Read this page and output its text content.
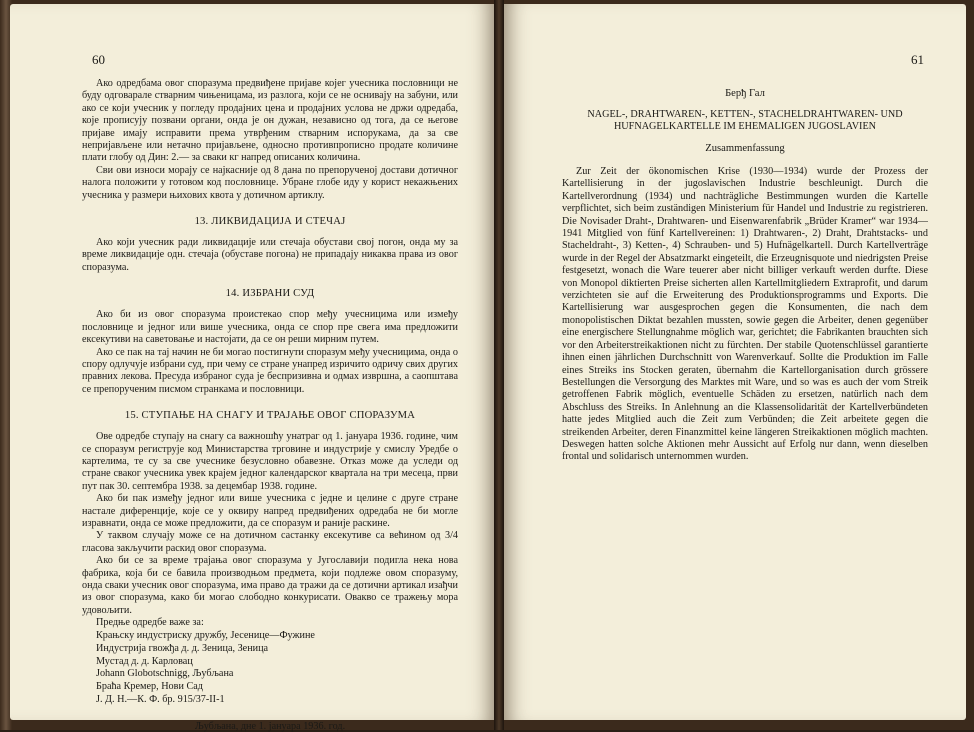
60

Ако одредбама овог споразума предвиђене пријаве којег учесника пословници не буду одговарале стварним чињеницама, из разлога, који се не оснивају на забуни, или ако се који учесник у погледу продајних цена и продајних услова не држи одредаба, које прописују позвани органи, онда је он дужан, независно од тога, да се његове пријаве имају исправити према утврђеним стварним испорукама, да за све непријављене или нетачно пријављене, односно противпрописно продате количине плати глобу од Дин: 2.— за сваки кг напред описаних количина.

Сви ови износи морају се најкасније од 8 дана по препорученој достави дотичног налога положити у готовом код пословнице. Убране глобе иду у корист некажњених учесника у размери њихових квота у дотичном артиклу.

13. ЛИКВИДАЦИЈА И СТЕЧАЈ

Ако који учесник ради ликвидације или стечаја обустави свој погон, онда му за време ликвидације одн. стечаја (обуставе погона) не припадају никаква права из овог споразума.

14. ИЗБРАНИ СУД

Ако би из овог споразума проистекао спор међу учесницима или између пословнице и једног или више учесника, онда се спор пре свега има предложити ексекутиви на саветовање и настојати, да се он реши мирним путем.

Ако се пак на тај начин не би могао постигнути споразум међу учесницима, онда о спору одлучује избрани суд, при чему се стране унапред изричито одричу свих других правних лекова. Пресуда избраног суда је беспризивна и одмах извршна, а саопштава се препорученим писмом странкама и пословници.

15. СТУПАЊЕ НА СНАГУ И ТРАЈАЊЕ ОВОГ СПОРАЗУМА

Ове одредбе ступају на снагу са важношћу унатраг од 1. јануара 1936. године, чим се споразум региструје код Министарства трговине и индустрије у смислу Уредбе о картелима, те су за све учеснике безусловно обавезне. Отказ може да уследи од стране сваког учесника увек крајем једног календарског квартала на три месеца, први пут пак 30. септембра 1938. за децембар 1938. године.

Ако би пак између једног или више учесника с једне и целине с друге стране настале диференције, које се у оквиру напред предвиђених одредаба не би могле изравнати, онда се може предложити, да се споразум и раније раскине.

У таквом случају може се на дотичном састанку ексекутиве са већином од 3/4 гласова закључити раскид овог споразума.

Ако би се за време трајања овог споразума у Југославији подигла нека нова фабрика, која би се бавила производњом предмета, који подлеже овом споразуму, онда сваки учесник овог споразума, има право да тражи да се дотични артикал изађчи из овог споразума, како би могао слободно конкурисати. Овакво се тражењу мора удовољити.

Предње одредбе важе за:
Крањску индустриску дружбу, Јесенице—Фужине
Индустрија гвожђа д. д. Зеница, Зеница
Мустад д. д. Карловац
Johann Globotschnigg, Љубљана
Браћа Кремер, Нови Сад
J. Д. Н.—К. Ф. бр. 915/37-II-1
Љубљана, дне 1. јануара 1936. год.
61
Берђ Гал
NAGEL-, DRAHTWAREN-, KETTEN-, STACHELDRAHTWAREN- UND
HUFNAGELKARTELLE IM EHEMALIGEN JUGOSLAVIEN
Zusammenfassung

Zur Zeit der ökonomischen Krise (1930—1934) wurde der Prozess der Kartellisierung in der jugoslavischen Industrie beschleunigt. Durch die Kartellverordnung (1934) und nachträgliche Bestimmungen wurden die Kartelle verpflichtet, sich beim zuständigen Ministerium für Handel und Industrie zu registrieren. Die Novisader Draht-, Drahtwaren- und Eisenwarenfabrik „Brüder Kramer“ war 1934—1941 Mitglied von fünf Kartellvereinen: 1) Drahtwaren-, 2) Draht, Drahtstacks- und Stacheldraht-, 3) Ketten-, 4) Schrauben- und 5) Hufnägelkartell. Durch Kartellverträge wurde in der Regel der Absatzmarkt eingeteilt, die Erzeugnisquote und niedrigsten Preise festgesetzt, wonach die Ware teuerer aber nicht billiger verkauft werden durfte. Diese von Monopol diktierten Preise sicherten allen Kartellmitgliedern Extraprofit, und darum verzichteten sie auf die Erweiterung des Produktionsprogramms und Exports. Die Kartellisierung war ausgesprochen gegen die Konsumenten, die nach dem monopolistischen Diktat bezahlen mussten, sowie gegen die Arbeiter, denen gegenüber eine energischere Stellungnahme möglich war, gerichtet; die Fabrikanten brauchten sich vor den Arbeiterstreikaktionen nicht zu fürchten. Der stabile Quotenschlüssel garantierte ihnen einen jährlichen Durchschnitt von Warenverkauf. Sollte die Produktion im Falle eines Streiks ins Stocken geraten, übernahm die Kartellorganisation durch grössere Bestellungen die Versorgung des Marktes mit Ware, und so was es auch der vom Streik getroffenen Fabrik möglich, eventuelle Schäden zu ersetzen, natürlich nach dem Abschluss des Streiks. In Anlehnung an die Klassensolidarität der Kartellverbündeten hatte jedes Mitglied auch die Zeit zum Verbünden; die Zeit arbeitete gegen die streikenden Arbeiter, deren Finanzmittel keine längeren Streikaktionen möglich machten. Deswegen hatten solche Aktionen mehr Aussicht auf Erfolg nur dann, wenn dieselben frontal und solidarisch unternommen wurden.
